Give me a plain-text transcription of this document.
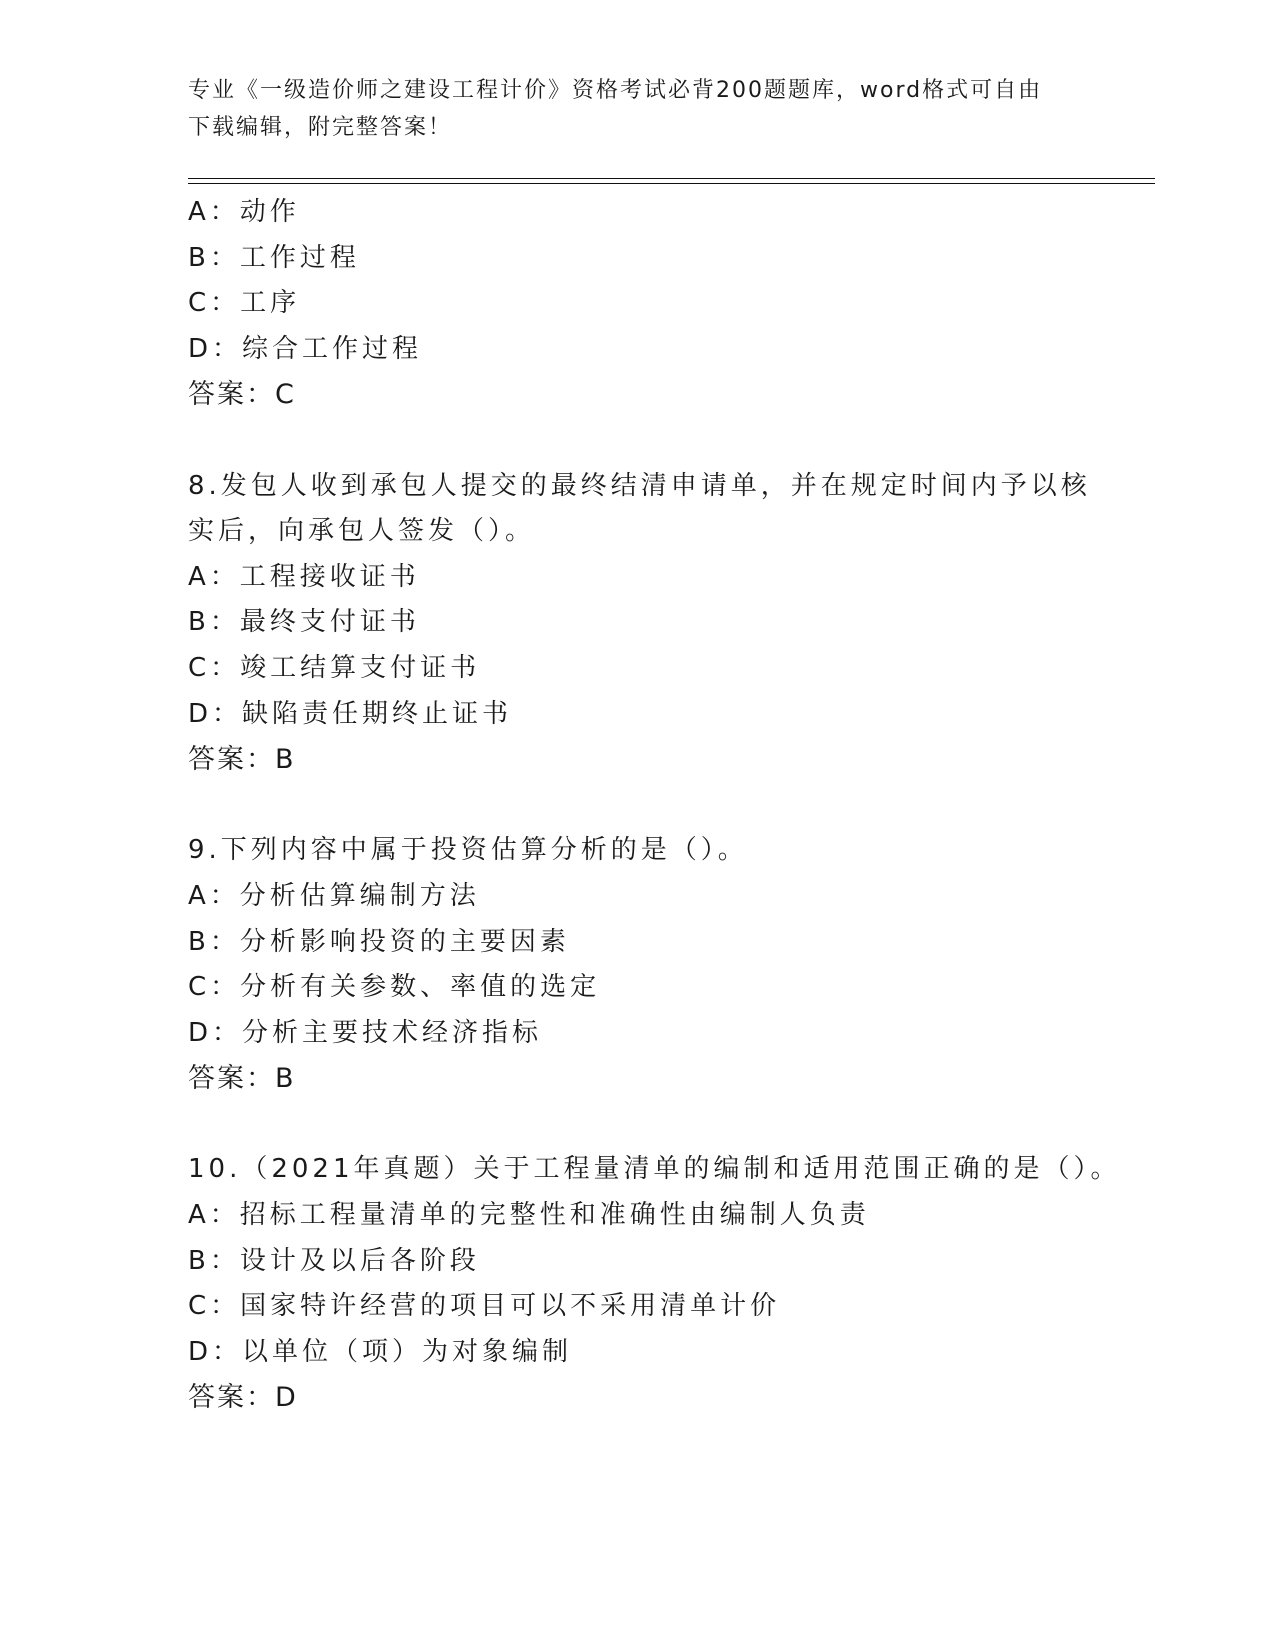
专业《一级造价师之建设工程计价》资格考试必背200题题库，word格式可自由
下载编辑，附完整答案！
A：动作
B：工作过程
C：工序
D：综合工作过程
答案：C
8.发包人收到承包人提交的最终结清申请单，并在规定时间内予以核
实后，向承包人签发（）。
A：工程接收证书
B：最终支付证书
C：竣工结算支付证书
D：缺陷责任期终止证书
答案：B
9.下列内容中属于投资估算分析的是（）。
A：分析估算编制方法
B：分析影响投资的主要因素
C：分析有关参数、率值的选定
D：分析主要技术经济指标
答案：B
10.（2021年真题）关于工程量清单的编制和适用范围正确的是（）。
A：招标工程量清单的完整性和准确性由编制人负责
B：设计及以后各阶段
C：国家特许经营的项目可以不采用清单计价
D：以单位（项）为对象编制
答案：D
